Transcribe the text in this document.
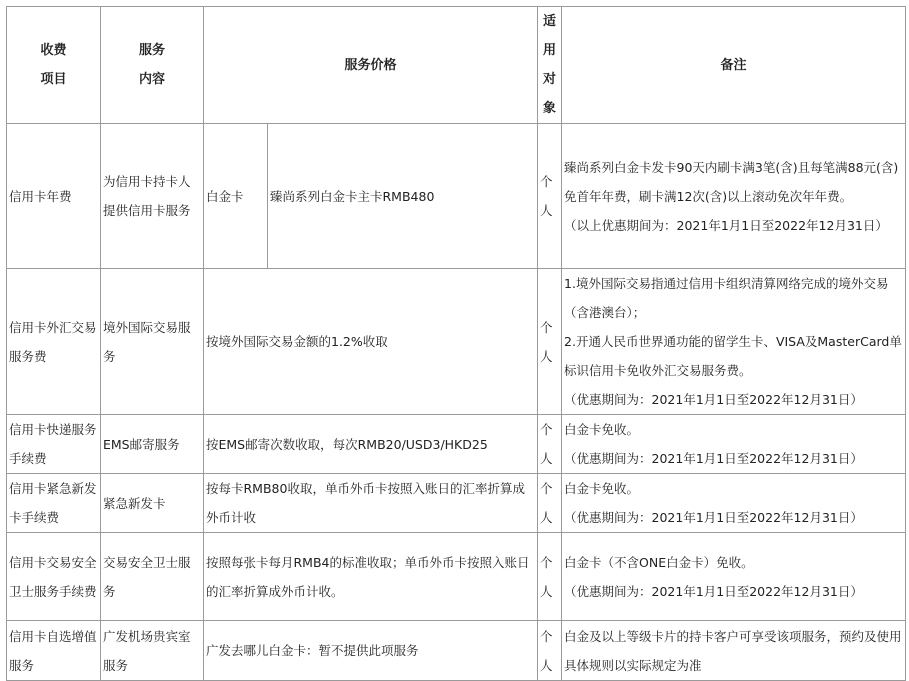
收费
项目	服务
内容	服务价格		适
用
对
象	备注
信用卡年费	为信用卡持卡人提供信用卡服务	白金卡	臻尚系列白金卡主卡RMB480	个人	臻尚系列白金卡发卡90天内刷卡满3笔(含)且每笔满88元(含)免首年年费，刷卡满12次(含)以上滚动免次年年费。

（以上优惠期间为：2021年1月1日至2022年12月31日）

信用卡外汇交易服务费	境外国际交易服务	按境外国际交易金额的1.2%收取		个人	1.境外国际交易指通过信用卡组织清算网络完成的境外交易（含港澳台）；

2.开通人民币世界通功能的留学生卡、VISA及MasterCard单标识信用卡免收外汇交易服务费。

（优惠期间为：2021年1月1日至2022年12月31日）

信用卡快递服务手续费	EMS邮寄服务	按EMS邮寄次数收取，每次RMB20/USD3/HKD25		个人	白金卡免收。

（优惠期间为：2021年1月1日至2022年12月31日）

信用卡紧急新发卡手续费	紧急新发卡	按每卡RMB80收取，单币外币卡按照入账日的汇率折算成外币计收		个人	白金卡免收。

（优惠期间为：2021年1月1日至2022年12月31日）

信用卡交易安全卫士服务手续费	交易安全卫士服务	按照每张卡每月RMB4的标准收取；单币外币卡按照入账日的汇率折算成外币计收。		个人	白金卡（不含ONE白金卡）免收。

（优惠期间为：2021年1月1日至2022年12月31日）

信用卡自选增值服务	广发机场贵宾室服务	广发去哪儿白金卡：暂不提供此项服务		个人	白金及以上等级卡片的持卡客户可享受该项服务，预约及使用具体规则以实际规定为准
